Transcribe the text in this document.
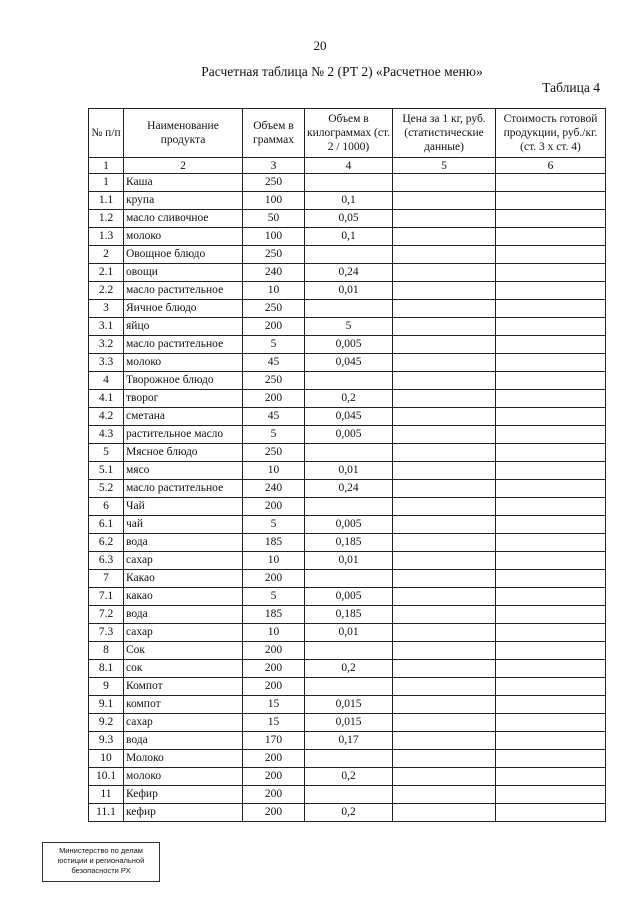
20
Расчетная таблица № 2 (РТ 2) «Расчетное меню»
Таблица 4
№ п/п	Наименование продукта	Объем в граммах	Объем в килограммах (ст. 2 / 1000)	Цена за 1 кг, руб. (статистические данные)	Стоимость готовой продукции, руб./кг. (ст. 3 х ст. 4)
1	2	3	4	5	6
1	Каша	250			
1.1	крупа	100	0,1		
1.2	масло сливочное	50	0,05		
1.3	молоко	100	0,1		
2	Овощное блюдо	250			
2.1	овощи	240	0,24		
2.2	масло растительное	10	0,01		
3	Яичное блюдо	250			
3.1	яйцо	200	5		
3.2	масло растительное	5	0,005		
3.3	молоко	45	0,045		
4	Творожное блюдо	250			
4.1	творог	200	0,2		
4.2	сметана	45	0,045		
4.3	растительное масло	5	0,005		
5	Мясное блюдо	250			
5.1	мясо	10	0,01		
5.2	масло растительное	240	0,24		
6	Чай	200			
6.1	чай	5	0,005		
6.2	вода	185	0,185		
6.3	сахар	10	0,01		
7	Какао	200			
7.1	какао	5	0,005		
7.2	вода	185	0,185		
7.3	сахар	10	0,01		
8	Сок	200			
8.1	сок	200	0,2		
9	Компот	200			
9.1	компот	15	0,015		
9.2	сахар	15	0,015		
9.3	вода	170	0,17		
10	Молоко	200			
10.1	молоко	200	0,2		
11	Кефир	200			
11.1	кефир	200	0,2		
Министерство по делам
юстиции и региональной
безопасности РХ
